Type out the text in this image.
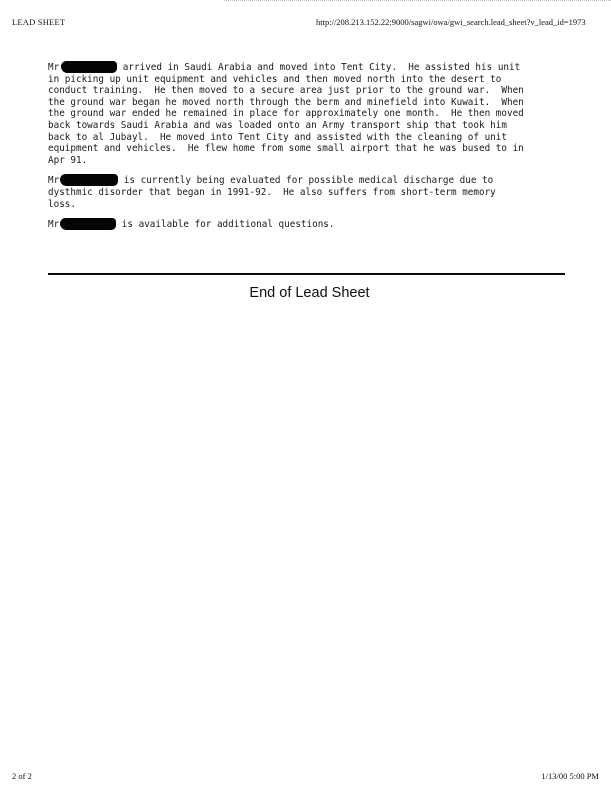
LEAD SHEET	http://208.213.152.22:9000/sagwi/owa/gwi_search.lead_sheet?v_lead_id=1973
Mr	arrived in Saudi Arabia and moved into Tent City.  He assisted his unit
in picking up unit equipment and vehicles and then moved north into the desert to
conduct training.  He then moved to a secure area just prior to the ground war.  When
the ground war began he moved north through the berm and minefield into Kuwait.  When
the ground war ended he remained in place for approximately one month.  He then moved
back towards Saudi Arabia and was loaded onto an Army transport ship that took him
back to al Jubayl.  He moved into Tent City and assisted with the cleaning of unit
equipment and vehicles.  He flew home from some small airport that he was bused to in
Apr 91.
Mr	is currently being evaluated for possible medical discharge due to
dysthmic disorder that began in 1991-92.  He also suffers from short-term memory
loss.
Mr	is available for additional questions.
End of Lead Sheet
2 of 2	1/13/00 5:00 PM
